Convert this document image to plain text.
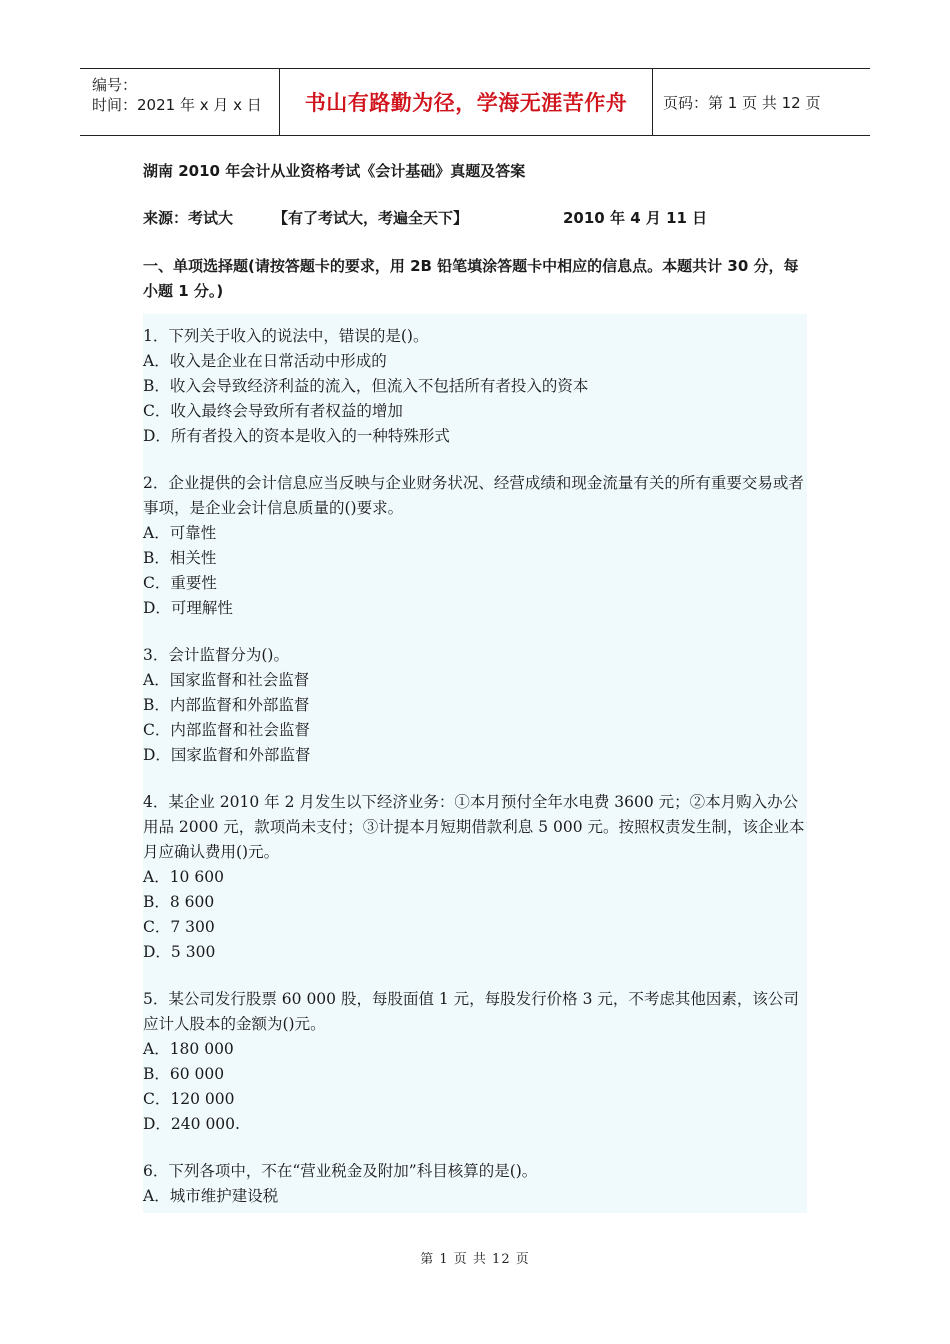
编号：
时间：2021 年 x 月 x 日	书山有路勤为径，学海无涯苦作舟	页码：第 1 页 共 12 页
湖南 2010 年会计从业资格考试《会计基础》真题及答案
来源：考试大	【有了考试大，考遍全天下】	2010 年 4 月 11 日
一、单项选择题(请按答题卡的要求，用 2B 铅笔填涂答题卡中相应的信息点。本题共计 30 分，每小题 1 分。)
1．下列关于收入的说法中，错误的是()。
A．收入是企业在日常活动中形成的
B．收入会导致经济利益的流入，但流入不包括所有者投入的资本
C．收入最终会导致所有者权益的增加
D．所有者投入的资本是收入的一种特殊形式
2．企业提供的会计信息应当反映与企业财务状况、经营成绩和现金流量有关的所有重要交易或者事项，是企业会计信息质量的()要求。
A．可靠性
B．相关性
C．重要性
D．可理解性
3．会计监督分为()。
A．国家监督和社会监督
B．内部监督和外部监督
C．内部监督和社会监督
D．国家监督和外部监督
4．某企业 2010 年 2 月发生以下经济业务：①本月预付全年水电费 3600 元；②本月购入办公用品 2000 元，款项尚未支付；③计提本月短期借款利息 5 000 元。按照权责发生制，该企业本月应确认费用()元。
A．10 600
B．8 600
C．7 300
D．5 300
5．某公司发行股票 60 000 股，每股面值 1 元，每股发行价格 3 元，不考虑其他因素，该公司应计人股本的金额为()元。
A．180 000
B．60 000
C．120 000
D．240 000.
6．下列各项中，不在“营业税金及附加”科目核算的是()。
A．城市维护建设税
第 1 页 共 12 页
